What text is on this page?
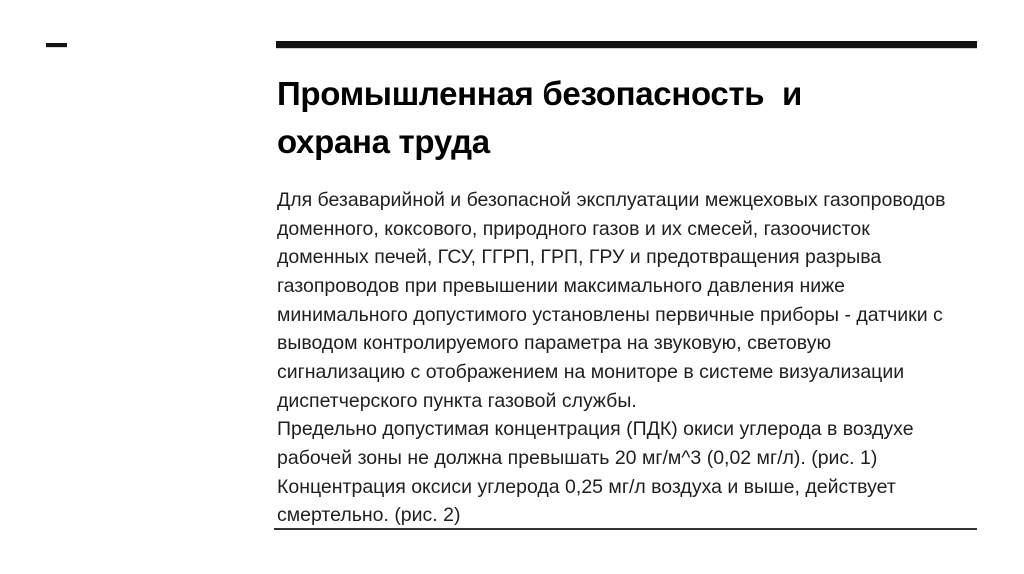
Промышленная безопасность  и
охрана труда

Для безаварийной и безопасной эксплуатации межцеховых газопроводов
доменного, коксового, природного газов и их смесей, газоочисток
доменных печей, ГСУ, ГГРП, ГРП, ГРУ и предотвращения разрыва
газопроводов при превышении максимального давления ниже
минимального допустимого установлены первичные приборы - датчики с
выводом контролируемого параметра на звуковую, световую
сигнализацию с отображением на мониторе в системе визуализации
диспетчерского пункта газовой службы.

Предельно допустимая концентрация (ПДК) окиси углерода в воздухе
рабочей зоны не должна превышать 20 мг/м^3 (0,02 мг/л). (рис. 1)
Концентрация оксиси углерода 0,25 мг/л воздуха и выше, действует
смертельно. (рис. 2)
